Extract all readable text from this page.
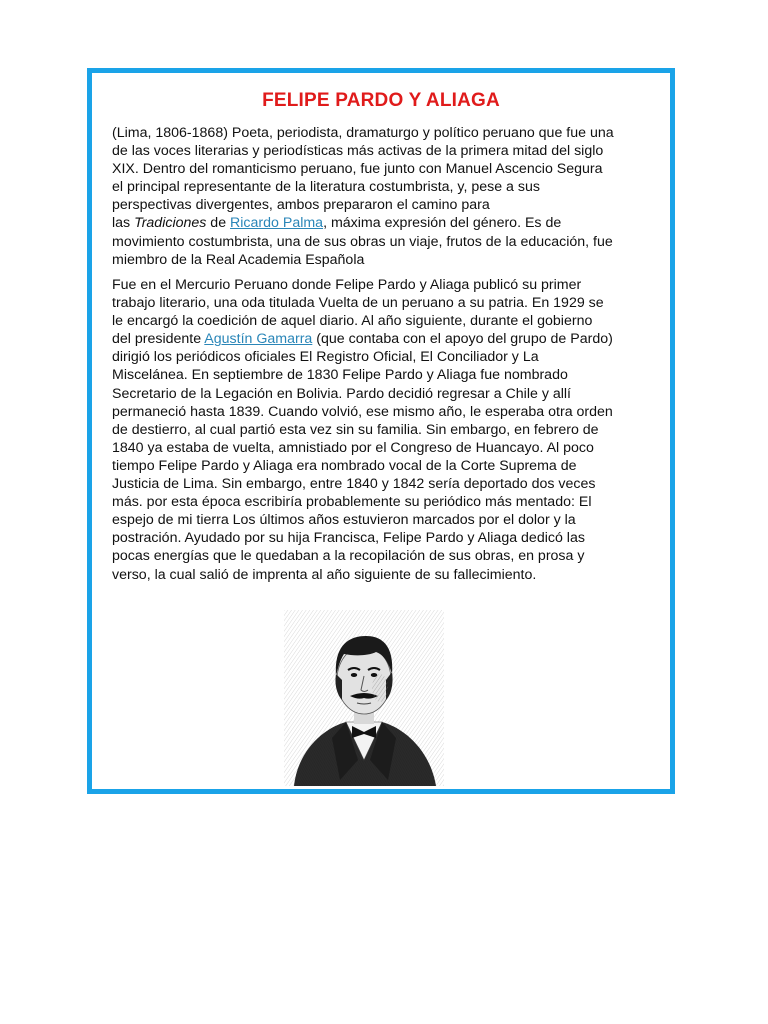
FELIPE PARDO Y ALIAGA
(Lima, 1806-1868) Poeta, periodista, dramaturgo y político peruano que fue una
de las voces literarias y periodísticas más activas de la primera mitad del siglo
XIX. Dentro del romanticismo peruano, fue junto con Manuel Ascencio Segura
el principal representante de la literatura costumbrista, y, pese a sus
perspectivas divergentes, ambos prepararon el camino para
las Tradiciones de Ricardo Palma, máxima expresión del género. Es de
movimiento costumbrista, una de sus obras un viaje, frutos de la educación, fue
miembro de la Real Academia Española
Fue en el Mercurio Peruano donde Felipe Pardo y Aliaga publicó su primer
trabajo literario, una oda titulada Vuelta de un peruano a su patria. En 1929 se
le encargó la coedición de aquel diario. Al año siguiente, durante el gobierno
del presidente Agustín Gamarra (que contaba con el apoyo del grupo de Pardo)
dirigió los periódicos oficiales El Registro Oficial, El Conciliador y La
Miscelánea. En septiembre de 1830 Felipe Pardo y Aliaga fue nombrado
Secretario de la Legación en Bolivia. Pardo decidió regresar a Chile y allí
permaneció hasta 1839. Cuando volvió, ese mismo año, le esperaba otra orden
de destierro, al cual partió esta vez sin su familia. Sin embargo, en febrero de
1840 ya estaba de vuelta, amnistiado por el Congreso de Huancayo. Al poco
tiempo Felipe Pardo y Aliaga era nombrado vocal de la Corte Suprema de
Justicia de Lima. Sin embargo, entre 1840 y 1842 sería deportado dos veces
más. por esta época escribiría probablemente su periódico más mentado: El
espejo de mi tierra Los últimos años estuvieron marcados por el dolor y la
postración. Ayudado por su hija Francisca, Felipe Pardo y Aliaga dedicó las
pocas energías que le quedaban a la recopilación de sus obras, en prosa y
verso, la cual salió de imprenta al año siguiente de su fallecimiento.
